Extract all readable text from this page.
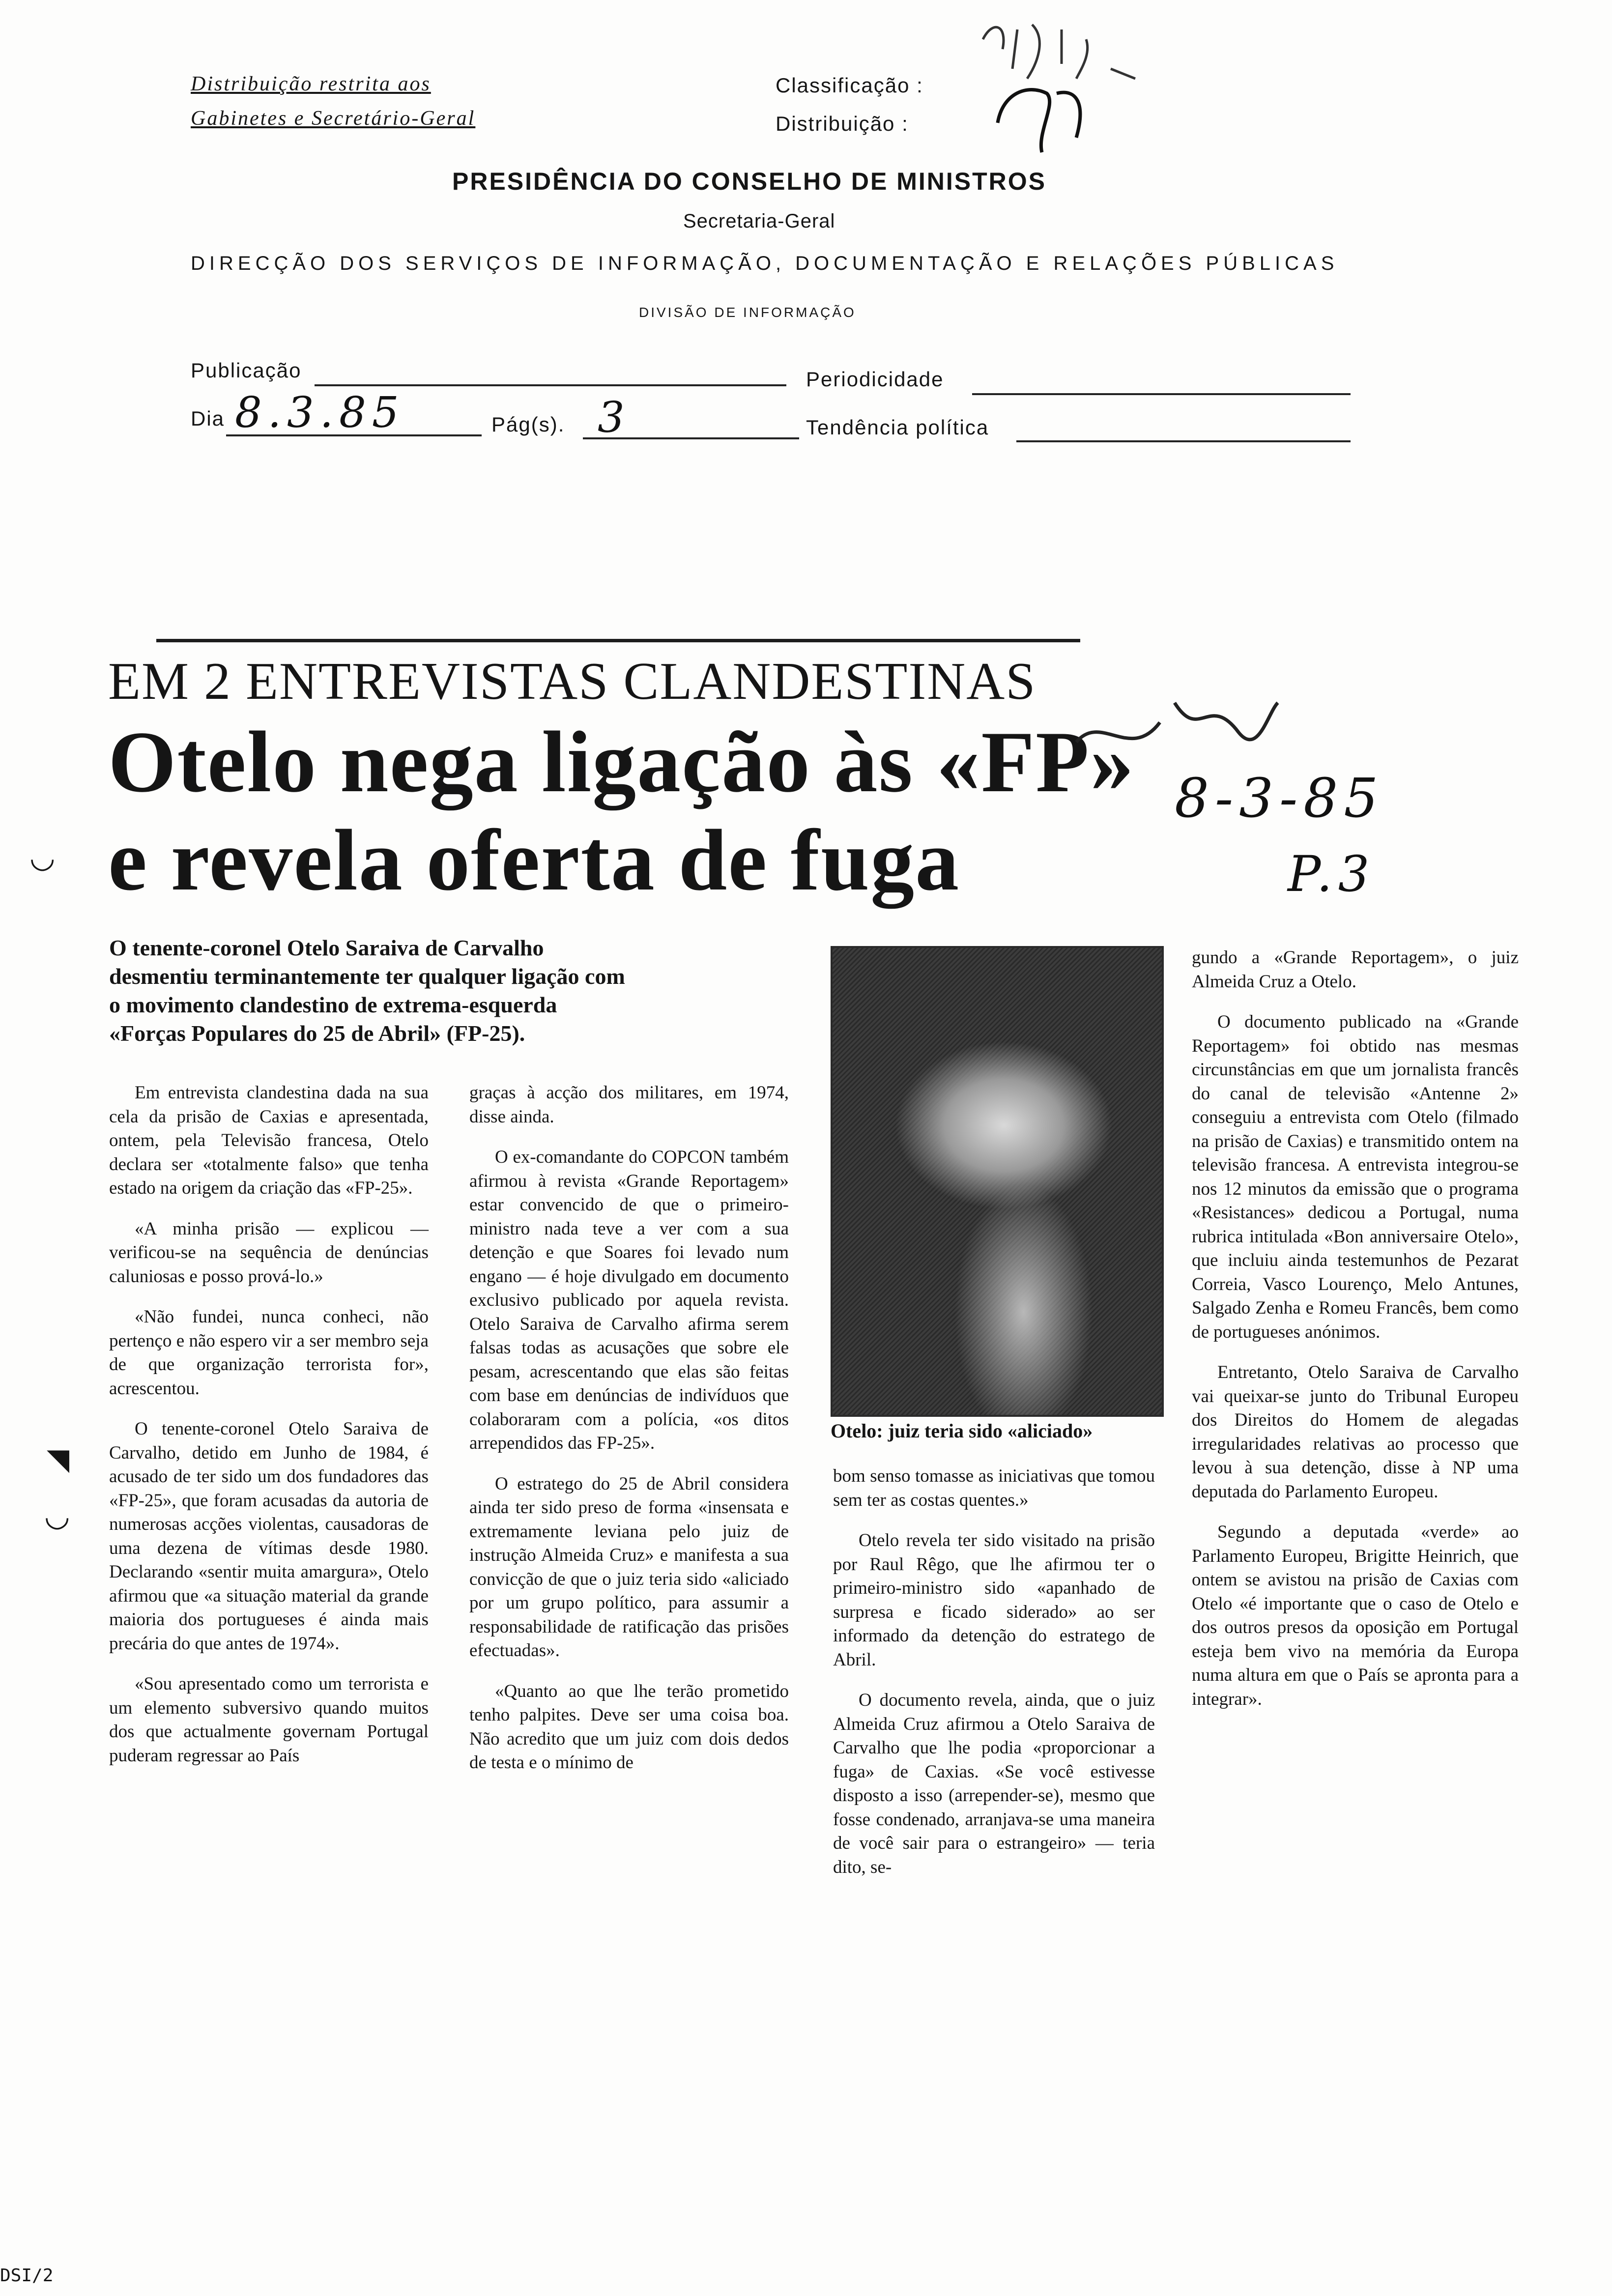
Distribuição restrita aos
Gabinetes e Secretário-Geral
Classificação :
Distribuição :
PRESIDÊNCIA DO CONSELHO DE MINISTROS
Secretaria-Geral
DIRECÇÃO DOS SERVIÇOS DE INFORMAÇÃO, DOCUMENTAÇÃO E RELAÇÕES PÚBLICAS
DIVISÃO DE INFORMAÇÃO
Publicação	Periodicidade
Dia 8.3.85	Pág(s). 3	Tendência política
DSI/2
EM 2 ENTREVISTAS CLANDESTINAS
Otelo nega ligação às «FP»
e revela oferta de fuga
8-3-85
P.3
◡
O tenente-coronel Otelo Saraiva de Carvalho
desmentiu terminantemente ter qualquer ligação com
o movimento clandestino de extrema-esquerda
«Forças Populares do 25 de Abril» (FP-25).

Em entrevista clandestina dada na sua cela da prisão de Caxias e apresentada, ontem, pela Televisão francesa, Otelo declara ser «totalmente falso» que tenha estado na origem da criação das «FP-25».

«A minha prisão — explicou — verificou-se na sequência de denúncias caluniosas e posso prová-lo.»

«Não fundei, nunca conheci, não pertenço e não espero vir a ser membro seja de que organização terrorista for», acrescentou.

O tenente-coronel Otelo Saraiva de Carvalho, detido em Junho de 1984, é acusado de ter sido um dos fundadores das «FP-25», que foram acusadas da autoria de numerosas acções violentas, causadoras de uma dezena de vítimas desde 1980. Declarando «sentir muita amargura», Otelo afirmou que «a situação material da grande maioria dos portugueses é ainda mais precária do que antes de 1974».

«Sou apresentado como um terrorista e um elemento subversivo quando muitos dos que actualmente governam Portugal puderam regressar ao País

◥
◡

graças à acção dos militares, em 1974, disse ainda.

O ex-comandante do COPCON também afirmou à revista «Grande Reportagem» estar convencido de que o primeiro-ministro nada teve a ver com a sua detenção e que Soares foi levado num engano — é hoje divulgado em documento exclusivo publicado por aquela revista. Otelo Saraiva de Carvalho afirma serem falsas todas as acusações que sobre ele pesam, acrescentando que elas são feitas com base em denúncias de indivíduos que colaboraram com a polícia, «os ditos arrependidos das FP-25».

O estratego do 25 de Abril considera ainda ter sido preso de forma «insensata e extremamente leviana pelo juiz de instrução Almeida Cruz» e manifesta a sua convicção de que o juiz teria sido «aliciado por um grupo político, para assumir a responsabilidade de ratificação das prisões efectuadas».

«Quanto ao que lhe terão prometido tenho palpites. Deve ser uma coisa boa. Não acredito que um juiz com dois dedos de testa e o mínimo de

Otelo: juiz teria sido «aliciado»

bom senso tomasse as iniciativas que tomou sem ter as costas quentes.»

Otelo revela ter sido visitado na prisão por Raul Rêgo, que lhe afirmou ter o primeiro-ministro sido «apanhado de surpresa e ficado siderado» ao ser informado da detenção do estratego de Abril.

O documento revela, ainda, que o juiz Almeida Cruz afirmou a Otelo Saraiva de Carvalho que lhe podia «proporcionar a fuga» de Caxias. «Se você estivesse disposto a isso (arrepender-se), mesmo que fosse condenado, arranjava-se uma maneira de você sair para o estrangeiro» — teria dito, se-

gundo a «Grande Reportagem», o juiz Almeida Cruz a Otelo.

O documento publicado na «Grande Reportagem» foi obtido nas mesmas circunstâncias em que um jornalista francês do canal de televisão «Antenne 2» conseguiu a entrevista com Otelo (filmado na prisão de Caxias) e transmitido ontem na televisão francesa. A entrevista integrou-se nos 12 minutos da emissão que o programa «Resistances» dedicou a Portugal, numa rubrica intitulada «Bon anniversaire Otelo», que incluiu ainda testemunhos de Pezarat Correia, Vasco Lourenço, Melo Antunes, Salgado Zenha e Romeu Francês, bem como de portugueses anónimos.

Entretanto, Otelo Saraiva de Carvalho vai queixar-se junto do Tribunal Europeu dos Direitos do Homem de alegadas irregularidades relativas ao processo que levou à sua detenção, disse à NP uma deputada do Parlamento Europeu.

Segundo a deputada «verde» ao Parlamento Europeu, Brigitte Heinrich, que ontem se avistou na prisão de Caxias com Otelo «é importante que o caso de Otelo e dos outros presos da oposição em Portugal esteja bem vivo na memória da Europa numa altura em que o País se apronta para a integrar».
